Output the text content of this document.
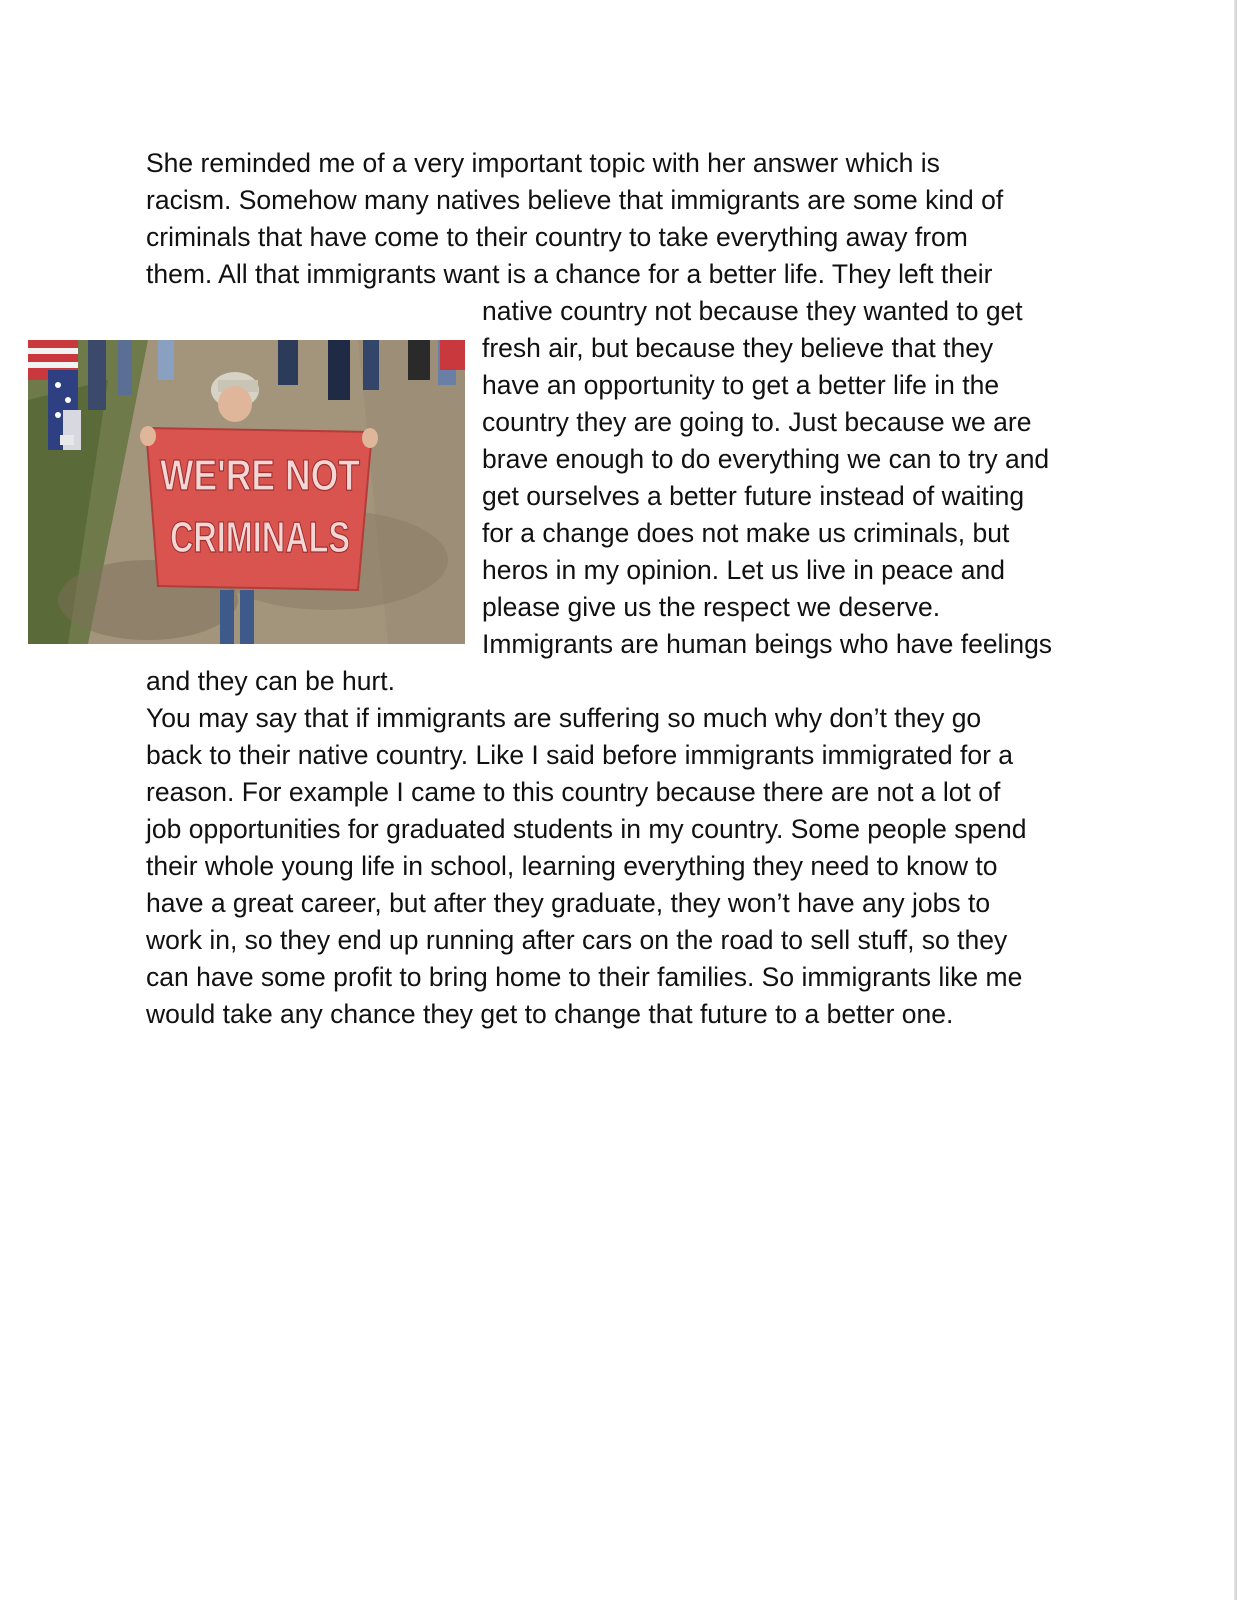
She reminded me of a very important topic with her answer which is
racism. Somehow many natives believe that immigrants are some kind of
criminals that have come to their country to take everything away from
them. All that immigrants want is a chance for a better life. They left their
native country not because they wanted to get
fresh air, but because they believe that they
have an opportunity to get a better life in the
country they are going to. Just because we are
brave enough to do everything we can to try and
get ourselves a better future instead of waiting
for a change does not make us criminals, but
heros in my opinion. Let us live in peace and
please give us the respect we deserve.
Immigrants are human beings who have feelings
and they can be hurt.
You may say that if immigrants are suffering so much why don’t they go
back to their native country. Like I said before immigrants immigrated for a
reason. For example I came to this country because there are not a lot of
job opportunities for graduated students in my country. Some people spend
their whole young life in school, learning everything they need to know to
have a great career, but after they graduate, they won’t have any jobs to
work in, so they end up running after cars on the road to sell stuff, so they
can have some profit to bring home to their families. So immigrants like me
would take any chance they get to change that future to a better one.
WE'RE NOT
CRIMINALS
